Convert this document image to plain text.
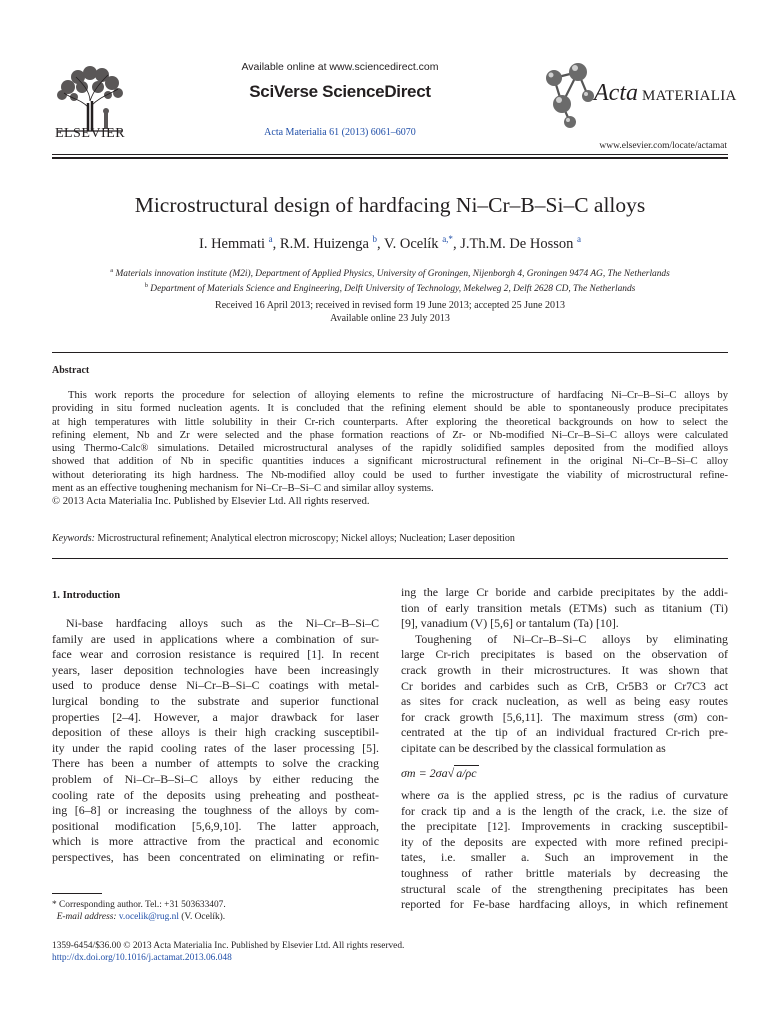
ELSEVIER
Available online at www.sciencedirect.com
SciVerse ScienceDirect
Acta Materialia 61 (2013) 6061–6070
Acta MATERIALIA
www.elsevier.com/locate/actamat
Microstructural design of hardfacing Ni–Cr–B–Si–C alloys
I. Hemmati $^a$, R.M. Huizenga $^b$, V. Ocelík $^{a,*}$, J.Th.M. De Hosson $^a$
$^a$ Materials innovation institute (M2i), Department of Applied Physics, University of Groningen, Nijenborgh 4, Groningen 9474 AG, The Netherlands
$^b$ Department of Materials Science and Engineering, Delft University of Technology, Mekelweg 2, Delft 2628 CD, The Netherlands
Received 16 April 2013; received in revised form 19 June 2013; accepted 25 June 2013
Available online 23 July 2013
Abstract
This work reports the procedure for selection of alloying elements to refine the microstructure of hardfacing Ni–Cr–B–Si–C alloys by
providing in situ formed nucleation agents. It is concluded that the refining element should be able to spontaneously produce precipitates
at high temperatures with little solubility in their Cr-rich counterparts. After exploring the theoretical backgrounds on how to select the
refining element, Nb and Zr were selected and the phase formation reactions of Zr- or Nb-modified Ni–Cr–B–Si–C alloys were calculated
using Thermo-Calc® simulations. Detailed microstructural analyses of the rapidly solidified samples deposited from the modified alloys
showed that addition of Nb in specific quantities induces a significant microstructural refinement in the original Ni–Cr–B–Si–C alloy
without deteriorating its high hardness. The Nb-modified alloy could be used to further investigate the viability of microstructural refine-
ment as an effective toughening mechanism for Ni–Cr–B–Si–C and similar alloy systems.
© 2013 Acta Materialia Inc. Published by Elsevier Ltd. All rights reserved.
Keywords: Microstructural refinement; Analytical electron microscopy; Nickel alloys; Nucleation; Laser deposition
1. Introduction
Ni-base hardfacing alloys such as the Ni–Cr–B–Si–C
family are used in applications where a combination of sur-
face wear and corrosion resistance is required [1]. In recent
years, laser deposition technologies have been increasingly
used to produce dense Ni–Cr–B–Si–C coatings with metal-
lurgical bonding to the substrate and superior functional
properties [2–4]. However, a major drawback for laser
deposition of these alloys is their high cracking susceptibil-
ity under the rapid cooling rates of the laser processing [5].
There has been a number of attempts to solve the cracking
problem of Ni–Cr–B–Si–C alloys by either reducing the
cooling rate of the deposits using preheating and postheat-
ing [6–8] or increasing the toughness of the alloys by com-
positional modification [5,6,9,10]. The latter approach,
which is more attractive from the practical and economic
perspectives, has been concentrated on eliminating or refin-
ing the large Cr boride and carbide precipitates by the addi-
tion of early transition metals (ETMs) such as titanium (Ti)
[9], vanadium (V) [5,6] or tantalum (Ta) [10].
Toughening of Ni–Cr–B–Si–C alloys by eliminating
large Cr-rich precipitates is based on the observation of
crack growth in their microstructures. It was shown that
Cr borides and carbides such as CrB, Cr5B3 or Cr7C3 act
as sites for crack nucleation, as well as being easy routes
for crack growth [5,6,11]. The maximum stress (σm) con-
centrated at the tip of an individual fractured Cr-rich pre-
cipitate can be described by the classical formulation as
σm = 2σa√ a/ρc
where σa is the applied stress, ρc is the radius of curvature
for crack tip and a is the length of the crack, i.e. the size of
the precipitate [12]. Improvements in cracking susceptibil-
ity of the deposits are expected with more refined precipi-
tates, i.e. smaller a. Such an improvement in the
toughness of rather brittle materials by decreasing the
structural scale of the strengthening precipitates has been
reported for Fe-base hardfacing alloys, in which refinement
* Corresponding author. Tel.: +31 503633407.
E-mail address: v.ocelik@rug.nl (V. Ocelík).
1359-6454/$36.00 © 2013 Acta Materialia Inc. Published by Elsevier Ltd. All rights reserved.
http://dx.doi.org/10.1016/j.actamat.2013.06.048
